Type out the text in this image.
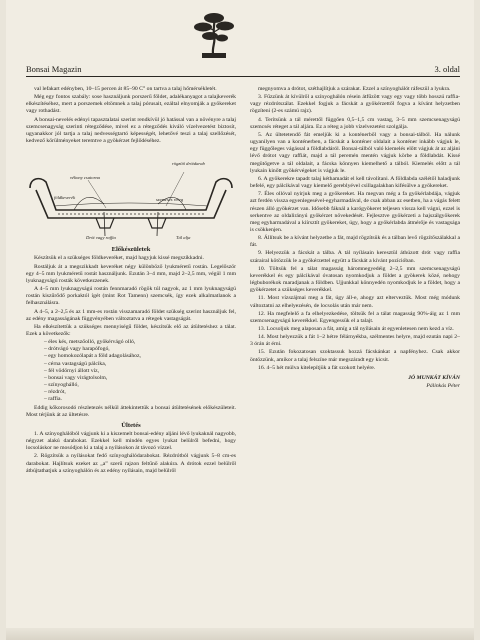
Bonsai Magazin	3. oldal

val lefakart edényben, 10–15 percen át 85–90 C° on tartva a talaj hőmérsékletét.

Még egy fontos szabály: sose használjunk porszerű földet, adalékanyagot a talajkeverék elkészítéséhez, mert a porszemek eltömnek a talaj pórusait, ezáltal elnyomják a gyökereket vagy rothadást.

A bonsai-nevelés edényi tapasztalatai szerint rendkívül jó hatással van a növényre a talaj szemcsenagyság szerinti rétegződése, mivel ez a rétegződés kiváló vízelvezetést biztosít, ugyanakkor jól tartja a talaj nedvességtartó képességét, lehetővé teszi a talaj szellőzését, kedvező körülményeket teremtve a gyökérzet fejlődéséhez.

vékony csatorna
rögzítő drótdarab
szemcsés réteg
földkeverék
Drót vagy raffia	Tál alja
Előkészületek

Készítsük el a szükséges földkeveréket, majd hagyjuk kissé megszikkadni.

Rostáljuk át a megszikkadt keveréket négy különböző lyukméretű rostán. Legelőször egy 4–5 mm lyukméretű rostát használjunk. Ezután 3–4 mm, majd 2–2,5 mm, végül 1 mm lyuknagyságú rosták következzenek.

A 4–5 mm lyuknagyságú rostán fennmaradó rögök túl nagyok, az 1 mm lyuknagyságú rostán kiszűrődő porkaktól ígét (mint Rot Tamenn) szemcsék, így ezek alkalmatlanok a felhasználásra.

A 4–5, a 2–2,5 és az 1 mm-es rostán visszamaradó földet szükség szerint használjuk fel, az edény magasságának függvényében változtatva a rétegek vastagságát.

Ha elkészítettük a szükséges mennyiségű földet, készítsük elő az átültetéshez a tálat. Ezek a következők:

– éles kés, metszőolló, gyökérvágó olló,
– drótvágó vagy harapófogó,
– egy homokozólapát a föld adagolásához,
– cérna vastagságú pálcika,
– fél vödörnyi állott víz,
– bonsai vagy virágtolsolm,
– színyoghálló,
– rézdrót,
– raffia.

Eddig kőkorosodó részletezés nélkül áttekintettük a bonsai átültetésének előkészületeit. Most térjünk át az ültetésre.

Ültetés

1. A színyoghálóból vágjunk ki a kiszemelt bonsai-edény aljáni lévő lyukaknál nagyobb, négyzet alakú darabokat. Ezekkel kell mindén egyes lyukat belülről befedni, hogy locsoláskor ne mosódjon ki a talaj a nyílásokon át távozó vízzel.

2. Rögzítsük a nyílásokat fedő színyoghálódarabokat. Rézdrótból vágjunk 5–8 cm-es darabokat. Hajlítsuk ezeket az „a” szerű rajzon feltűnő alakúra. A drótok ezzel belülről átbújtathatjuk a színyoghálón és az edény nyílásain, majd belülről

megnyomva a drótot, széthajlítjuk a szárakat. Ezzel a színyoghálót ráfeszül a lyukra.

3. Fűzzünk át kívülről a színyoghálón résein átfűzött vagy egy vagy több hosszú raffia- vagy rézdrótszálat. Ezekkel fogjuk a fácskát a gyökérzettől fogva a kívánt helyzetben rögzíteni (2-es számú rajz).

4. Terítsünk a tál mérettől függően 0,5–1,5 cm vastag, 3–5 mm szemcsenagyságú szemcsés réteget a tál aljára. Ez a réteg a jobb vízelvezetést szolgálja.

5. Az ültetetendő fát emeljük ki a konténerből vagy a bonsai-tálból. Ha nálunk ugyanilyen van a konténerben, a fácskát a konténer oldalait a konténer inkább vágjuk le, egy függőleges vágással a földlabdáról. Bonsai-tálból való kiemelés előtt vágjuk át az aljáni lévő drótot vagy raffiát, majd a tál peremén mentén vágjuk körbe a földlabdát. Kissé megütögetve a tál oldalait, a fácska könnyen kiemelhető a tálból. Kiemelés előtt a tál lyukain kinőtt gyökérvégeket is vágjuk le.

6. A gyökerekre tapadt talaj kéthamadát el kell távolítani. A földlabda szélétől haladjunk befelé, egy pálcikával vagy kiemelő gereblyével csillagalakban kifésülve a gyökereket.

7. Éles ollóval nyirjuk meg a gyökereket. Ha megvan még a fa gyökérlabdája, vágjuk azt ferdén vissza egyenlegesével-egyharmadával, de csak abban az esetben, ha a vágás felett részen álló gyökérzet van. Idősebb fáknál a karógyökeret teljesen vissza kell vágni, ezzel is serkentve az oldalirányú gyökérzet növekedését. Fejlesztve gyökérzeti a hajszálgyökerek meg egyharmadával a kiírsztít gyökereket, úgy, hogy a gyökérlabda átmérője és vastagsága is csökkenjen.

8. Állítsuk be a kívánt helyzetbe a fát, majd rögzítsük és a tálban levő rögzítőszálakkal a fát.

9. Helyezzük a fácskát a tálba. A tál nyílásain keresztül áthúzott drót vagy raffia szárairal kötözzük le a gyökérzettel együtt a fácskát a kívánt pozícióban.

10. Töltsük fel a tálat magasság háromnegyedéig 2–2,5 mm szemcsenagyságú keverékkel és egy pálcikával óvatosan nyomkodjuk a földet a gyökerek közé, nehogy légbuborékok maradjanak a földben. Ujjunkkal könnyedén nyomkodjuk le a földet, hogy a gyökérzetet a szükséges keverékkel.

11. Most vízszájmai meg a fát, úgy áll-e, ahogy azt elterveztük. Most még módunk változtatni az elhelyezésén, de locsolás után már nem.

12. Ha megfelelő a fa elhelyezkedése, töltsük fel a tálat magasság 90%-áig az 1 mm szemcsenagyságú keverékkel. Egyengessük el a talajt.

13. Locsoljuk meg alaposan a fát, amíg a tál nyílásain át egyenletesen nem kezd a víz.

14. Most helyezzük a fát 1–2 hétre félárnyékba, szélmentes helyre, majd ezután napi 2–3 órán át érni.

15. Ezután fokozatosan szoktassuk hozzá fácskánkat a napfényhez. Csak akkor öntözzünk, amikor a talaj felszíne már megszáradt egy kicsit.

16. 4–5 hét múlva kitelepítjük a fát szokott helyére.

JÓ MUNKÁT KÍVÁN

Pálinkás Péter
